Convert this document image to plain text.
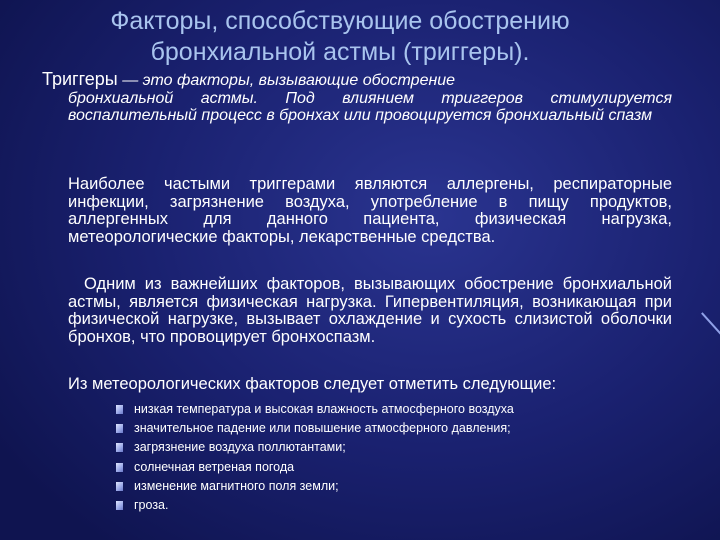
Факторы, способствующие обострению
бронхиальной астмы (триггеры).
Триггеры — это факторы, вызывающие обострение
бронхиальной астмы. Под влиянием триггеров стимулируется воспалительный процесс в бронхах или провоцируется бронхиальный спазм
Наиболее частыми триггерами являются аллергены, респираторные инфекции, загрязнение воздуха, употребление в пищу продуктов, аллергенных для данного пациента, физическая нагрузка, метеорологические факторы, лекарственные средства.
Одним из важнейших факторов, вызывающих обострение бронхиальной астмы, является физическая нагрузка. Гипервентиляция, возникающая при физической нагрузке, вызывает охлаждение и сухость слизистой оболочки бронхов, что провоцирует бронхоспазм.
Из метеорологических факторов следует отметить следующие:
низкая температура и высокая влажность атмосферного воздуха
значительное падение или повышение атмосферного давления;
загрязнение воздуха поллютантами;
солнечная ветреная погода
изменение магнитного поля земли;
гроза.
